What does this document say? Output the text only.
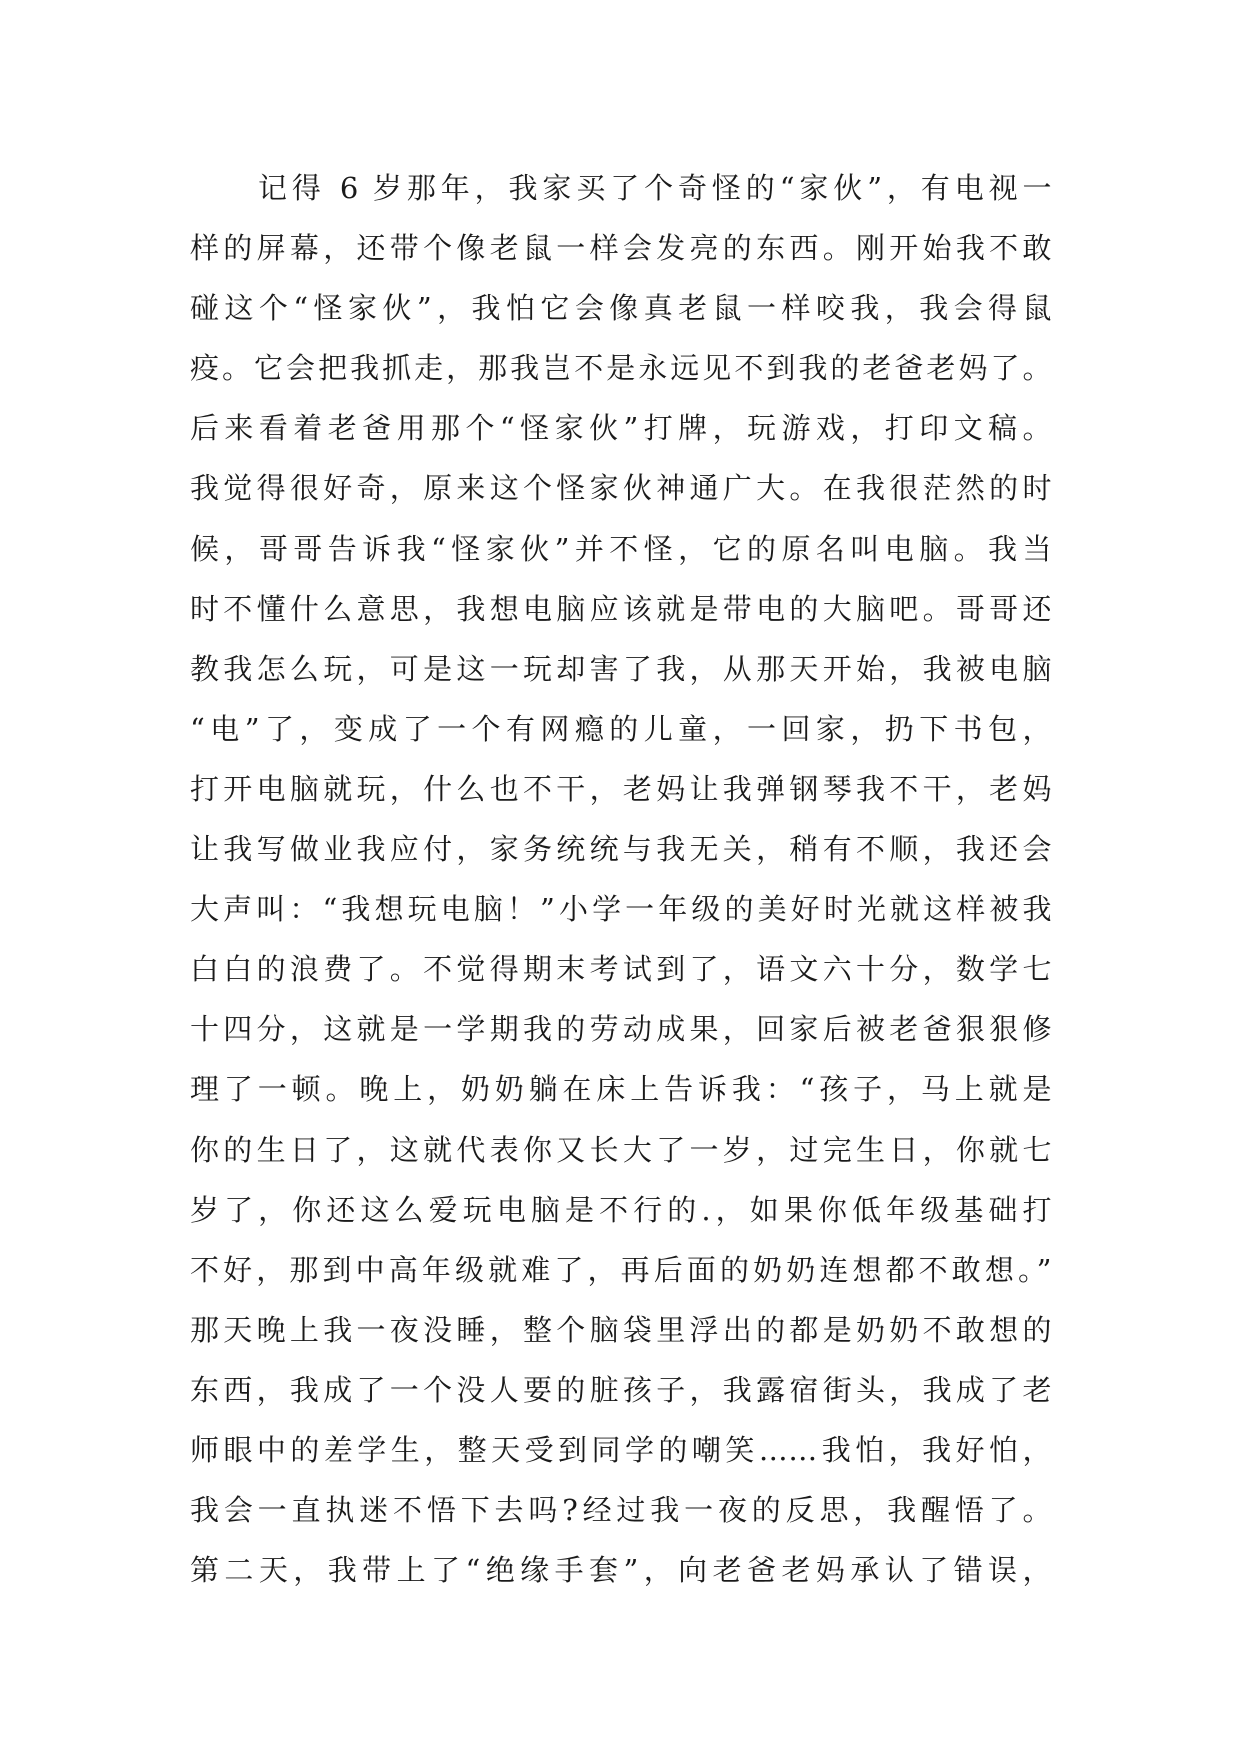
记得 6 岁那年，我家买了个奇怪的“家伙”，有电视一
样的屏幕，还带个像老鼠一样会发亮的东西。刚开始我不敢
碰这个“怪家伙”，我怕它会像真老鼠一样咬我，我会得鼠
疫。它会把我抓走，那我岂不是永远见不到我的老爸老妈了。
后来看着老爸用那个“怪家伙”打牌，玩游戏，打印文稿。
我觉得很好奇，原来这个怪家伙神通广大。在我很茫然的时
候，哥哥告诉我“怪家伙”并不怪，它的原名叫电脑。我当
时不懂什么意思，我想电脑应该就是带电的大脑吧。哥哥还
教我怎么玩，可是这一玩却害了我，从那天开始，我被电脑
“电”了，变成了一个有网瘾的儿童，一回家，扔下书包，
打开电脑就玩，什么也不干，老妈让我弹钢琴我不干，老妈
让我写做业我应付，家务统统与我无关，稍有不顺，我还会
大声叫：“我想玩电脑！”小学一年级的美好时光就这样被我
白白的浪费了。不觉得期末考试到了，语文六十分，数学七
十四分，这就是一学期我的劳动成果，回家后被老爸狠狠修
理了一顿。晚上，奶奶躺在床上告诉我：“孩子，马上就是
你的生日了，这就代表你又长大了一岁，过完生日，你就七
岁了，你还这么爱玩电脑是不行的.，如果你低年级基础打
不好，那到中高年级就难了，再后面的奶奶连想都不敢想。”
那天晚上我一夜没睡，整个脑袋里浮出的都是奶奶不敢想的
东西，我成了一个没人要的脏孩子，我露宿街头，我成了老
师眼中的差学生，整天受到同学的嘲笑……我怕，我好怕，
我会一直执迷不悟下去吗?经过我一夜的反思，我醒悟了。
第二天，我带上了“绝缘手套”，向老爸老妈承认了错误，
